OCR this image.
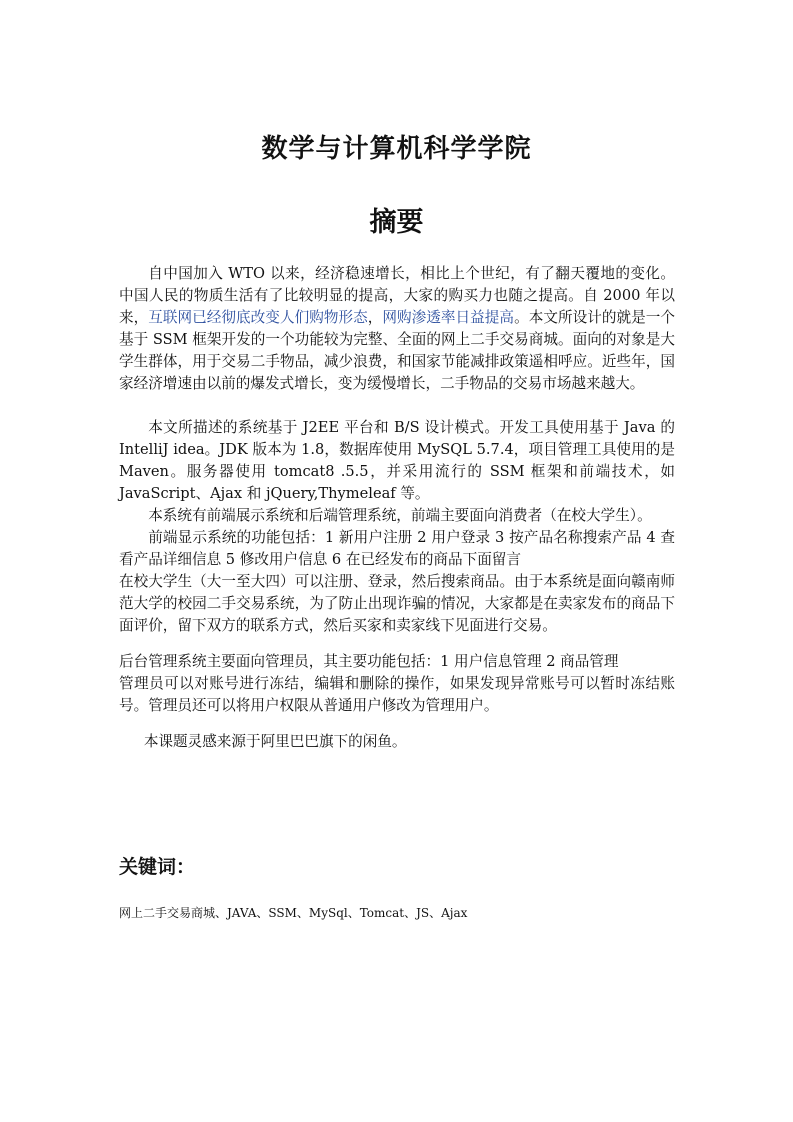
数学与计算机科学学院
摘要

自中国加入 WTO 以来，经济稳速增长，相比上个世纪，有了翻天覆地的变化。中国人民的物质生活有了比较明显的提高，大家的购买力也随之提高。自 2000 年以来，互联网已经彻底改变人们购物形态，网购渗透率日益提高。本文所设计的就是一个基于 SSM 框架开发的一个功能较为完整、全面的网上二手交易商城。面向的对象是大学生群体，用于交易二手物品，减少浪费，和国家节能减排政策遥相呼应。近些年，国家经济增速由以前的爆发式增长，变为缓慢增长，二手物品的交易市场越来越大。

本文所描述的系统基于 J2EE 平台和 B/S 设计模式。开发工具使用基于 Java 的 IntelliJ idea。JDK 版本为 1.8，数据库使用 MySQL 5.7.4，项目管理工具使用的是 Maven。服务器使用 tomcat8 .5.5，并采用流行的 SSM 框架和前端技术，如 JavaScript、Ajax 和 jQuery,Thymeleaf 等。

本系统有前端展示系统和后端管理系统，前端主要面向消费者（在校大学生）。

前端显示系统的功能包括：1 新用户注册 2 用户登录 3 按产品名称搜索产品 4 查看产品详细信息 5 修改用户信息 6 在已经发布的商品下面留言

在校大学生（大一至大四）可以注册、登录，然后搜索商品。由于本系统是面向赣南师范大学的校园二手交易系统，为了防止出现诈骗的情况，大家都是在卖家发布的商品下面评价，留下双方的联系方式，然后买家和卖家线下见面进行交易。

后台管理系统主要面向管理员，其主要功能包括：1 用户信息管理 2 商品管理

管理员可以对账号进行冻结，编辑和删除的操作，如果发现异常账号可以暂时冻结账号。管理员还可以将用户权限从普通用户修改为管理用户。

本课题灵感来源于阿里巴巴旗下的闲鱼。

关键词：
网上二手交易商城、JAVA、SSM、MySql、Tomcat、JS、Ajax
